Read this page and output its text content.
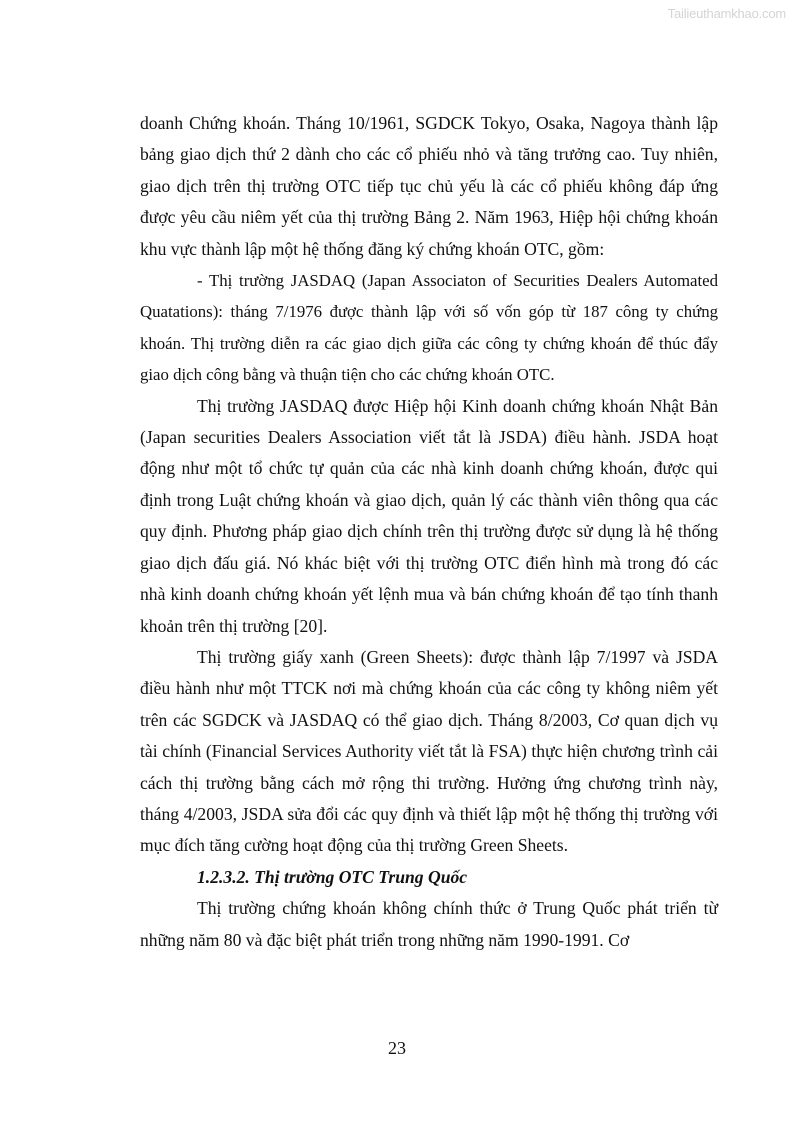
Tailieuthamkhao.com

doanh Chứng khoán. Tháng 10/1961, SGDCK Tokyo, Osaka, Nagoya thành lập bảng giao dịch thứ 2 dành cho các cổ phiếu nhỏ và tăng trưởng cao. Tuy nhiên, giao dịch trên thị trường OTC tiếp tục chủ yếu là các cổ phiếu không đáp ứng được yêu cầu niêm yết của thị trường Bảng 2. Năm 1963, Hiệp hội chứng khoán khu vực thành lập một hệ thống đăng ký chứng khoán OTC, gồm:

- Thị trường JASDAQ (Japan Associaton of Securities Dealers Automated Quatations): tháng 7/1976 được thành lập với số vốn góp từ 187 công ty chứng khoán. Thị trường diễn ra các giao dịch giữa các công ty chứng khoán để thúc đẩy giao dịch công bằng và thuận tiện cho các chứng khoán OTC.

Thị trường JASDAQ được Hiệp hội Kinh doanh chứng khoán Nhật Bản (Japan securities Dealers Association viết tắt là JSDA) điều hành. JSDA hoạt động như một tổ chức tự quản của các nhà kinh doanh chứng khoán, được qui định trong Luật chứng khoán và giao dịch, quản lý các thành viên thông qua các quy định. Phương pháp giao dịch chính trên thị trường được sử dụng là hệ thống giao dịch đấu giá. Nó khác biệt với thị trường OTC điển hình mà trong đó các nhà kinh doanh chứng khoán yết lệnh mua và bán chứng khoán để tạo tính thanh khoản trên thị trường [20].

Thị trường giấy xanh (Green Sheets): được thành lập 7/1997 và JSDA điều hành như một TTCK nơi mà chứng khoán của các công ty không niêm yết trên các SGDCK và JASDAQ có thể giao dịch. Tháng 8/2003, Cơ quan dịch vụ tài chính (Financial Services Authority viết tắt là FSA) thực hiện chương trình cải cách thị trường bằng cách mở rộng thi trường. Hưởng ứng chương trình này, tháng 4/2003, JSDA sửa đổi các quy định và thiết lập một hệ thống thị trường với mục đích tăng cường hoạt động của thị trường Green Sheets.

1.2.3.2. Thị trường OTC Trung Quốc

Thị trường chứng khoán không chính thức ở Trung Quốc phát triển từ những năm 80 và đặc biệt phát triển trong những năm 1990-1991. Cơ

23
